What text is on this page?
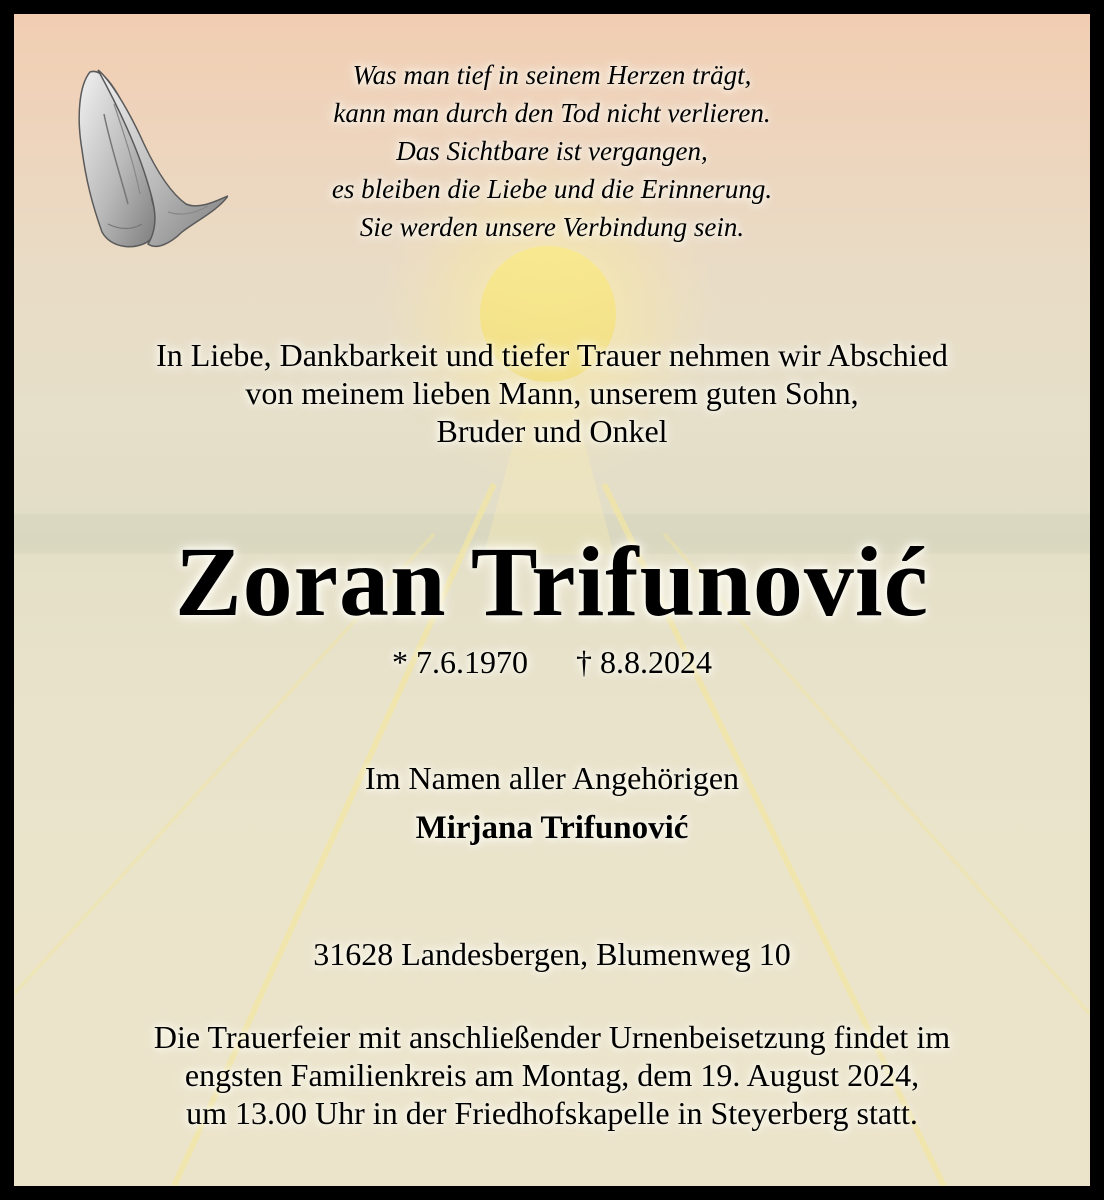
Was man tief in seinem Herzen trägt,
kann man durch den Tod nicht verlieren.
Das Sichtbare ist vergangen,
es bleiben die Liebe und die Erinnerung.
Sie werden unsere Verbindung sein.
In Liebe, Dankbarkeit und tiefer Trauer nehmen wir Abschied
von meinem lieben Mann, unserem guten Sohn,
Bruder und Onkel
Zoran Trifunović
* 7.6.1970 † 8.8.2024
Im Namen aller Angehörigen
Mirjana Trifunović
31628 Landesbergen, Blumenweg 10
Die Trauerfeier mit anschließender Urnenbeisetzung findet im
engsten Familienkreis am Montag, dem 19. August 2024,
um 13.00 Uhr in der Friedhofskapelle in Steyerberg statt.
